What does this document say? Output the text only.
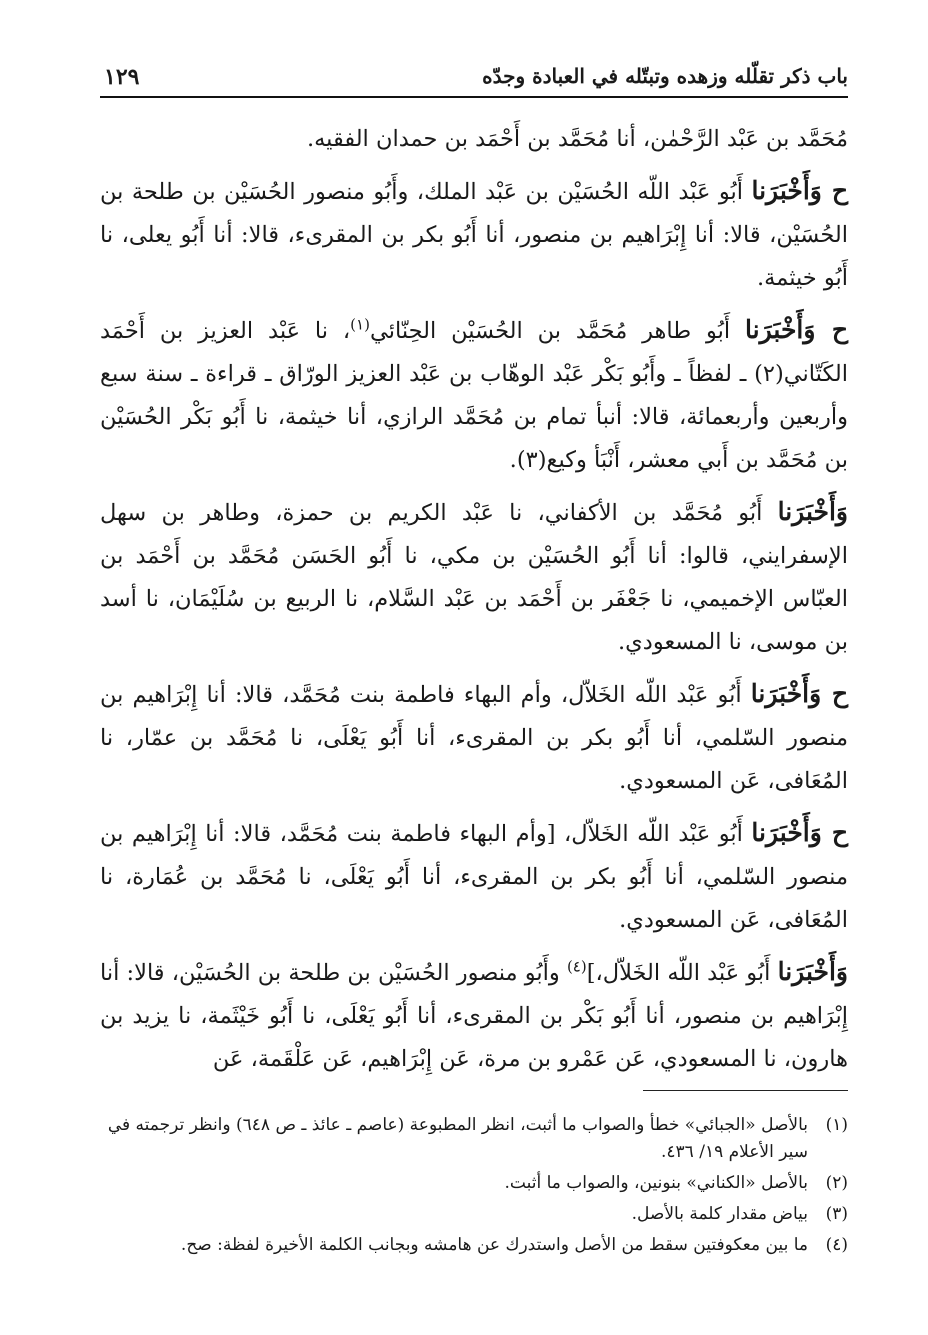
باب ذكر تقلّله وزهده وتبتّله في العبادة وجدّه
١٢٩

مُحَمَّد بن عَبْد الرَّحْمٰن، أنا مُحَمَّد بن أَحْمَد بن حمدان الفقيه.

ح وَأَخْبَرَنا أَبُو عَبْد اللّه الحُسَيْن بن عَبْد الملك، وأَبُو منصور الحُسَيْن بن طلحة بن الحُسَيْن، قالا: أنا إِبْرَاهيم بن منصور، أنا أَبُو بكر بن المقرىء، قالا: أنا أَبُو يعلى، نا أَبُو خيثمة.

ح وَأَخْبَرَنا أَبُو طاهر مُحَمَّد بن الحُسَيْن الحِنّائي$^{(١)}$، نا عَبْد العزيز بن أَحْمَد الكَتّاني(٢) ـ لفظاً ـ وأَبُو بَكْر عَبْد الوهّاب بن عَبْد العزيز الورّاق ـ قراءة ـ سنة سبع وأربعين وأربعمائة، قالا: أنبأ تمام بن مُحَمَّد الرازي، أنا خيثمة، نا أَبُو بَكْر الحُسَيْن بن مُحَمَّد بن أَبي معشر، أَنْبَأ وكيع(٣).

وَأَخْبَرَنا أَبُو مُحَمَّد بن الأكفاني، نا عَبْد الكريم بن حمزة، وطاهر بن سهل الإسفرايني، قالوا: أنا أَبُو الحُسَيْن بن مكي، نا أَبُو الحَسَن مُحَمَّد بن أَحْمَد بن العبّاس الإخميمي، نا جَعْفَر بن أَحْمَد بن عَبْد السَّلام، نا الربيع بن سُلَيْمَان، نا أسد بن موسى، نا المسعودي.

ح وَأَخْبَرَنا أَبُو عَبْد اللّه الخَلاّل، وأم البهاء فاطمة بنت مُحَمَّد، قالا: أنا إِبْرَاهيم بن منصور السّلمي، أنا أَبُو بكر بن المقرىء، أنا أَبُو يَعْلَى، نا مُحَمَّد بن عمّار، نا المُعَافى، عَن المسعودي.

ح وَأَخْبَرَنا أَبُو عَبْد اللّه الخَلاّل، [وأم البهاء فاطمة بنت مُحَمَّد، قالا: أنا إِبْرَاهيم بن منصور السّلمي، أنا أَبُو بكر بن المقرىء، أنا أَبُو يَعْلَى، نا مُحَمَّد بن عُمَارة، نا المُعَافى، عَن المسعودي.

وَأَخْبَرَنا أَبُو عَبْد اللّه الخَلاّل،]$^{(٤)}$ وأَبُو منصور الحُسَيْن بن طلحة بن الحُسَيْن، قالا: أنا إِبْرَاهيم بن منصور، أنا أَبُو بَكْر بن المقرىء، أنا أَبُو يَعْلَى، نا أَبُو خَيْثَمة، نا يزيد بن هارون، نا المسعودي، عَن عَمْرو بن مرة، عَن إِبْرَاهيم، عَن عَلْقَمة، عَن

(١)
بالأصل «الجبائي» خطأ والصواب ما أثبت، انظر المطبوعة (عاصم ـ عائذ ـ ص ٦٤٨) وانظر ترجمته في سير الأعلام ١٩/ ٤٣٦.
(٢)
بالأصل «الكناني» بنونين، والصواب ما أثبت.
(٣)
بياض مقدار كلمة بالأصل.
(٤)
ما بين معكوفتين سقط من الأصل واستدرك عن هامشه وبجانب الكلمة الأخيرة لفظة: صح.
